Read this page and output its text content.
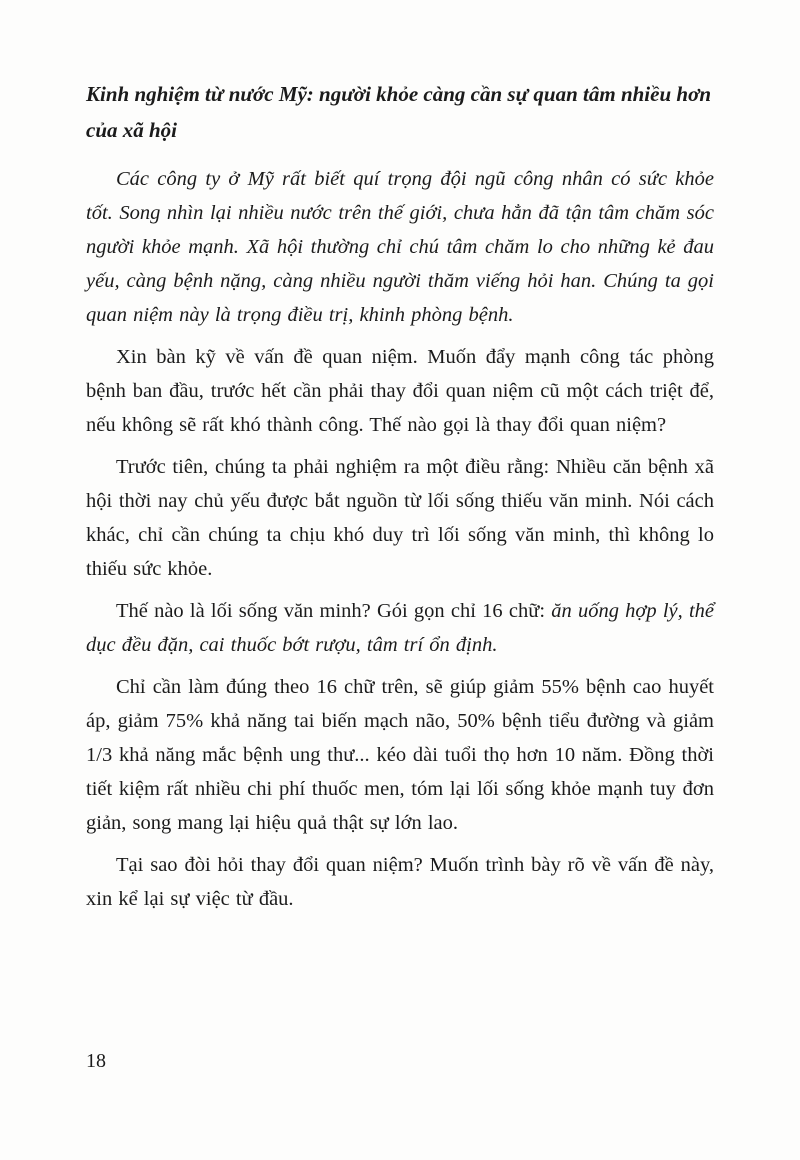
Kinh nghiệm từ nước Mỹ: người khỏe càng cần sự quan tâm nhiều hơn của xã hội

Các công ty ở Mỹ rất biết quí trọng đội ngũ công nhân có sức khỏe tốt. Song nhìn lại nhiều nước trên thế giới, chưa hẳn đã tận tâm chăm sóc người khỏe mạnh. Xã hội thường chỉ chú tâm chăm lo cho những kẻ đau yếu, càng bệnh nặng, càng nhiều người thăm viếng hỏi han. Chúng ta gọi quan niệm này là trọng điều trị, khinh phòng bệnh.

Xin bàn kỹ về vấn đề quan niệm. Muốn đẩy mạnh công tác phòng bệnh ban đầu, trước hết cần phải thay đổi quan niệm cũ một cách triệt để, nếu không sẽ rất khó thành công. Thế nào gọi là thay đổi quan niệm?

Trước tiên, chúng ta phải nghiệm ra một điều rằng: Nhiều căn bệnh xã hội thời nay chủ yếu được bắt nguồn từ lối sống thiếu văn minh. Nói cách khác, chỉ cần chúng ta chịu khó duy trì lối sống văn minh, thì không lo thiếu sức khỏe.

Thế nào là lối sống văn minh? Gói gọn chỉ 16 chữ: ăn uống hợp lý, thể dục đều đặn, cai thuốc bớt rượu, tâm trí ổn định.

Chỉ cần làm đúng theo 16 chữ trên, sẽ giúp giảm 55% bệnh cao huyết áp, giảm 75% khả năng tai biến mạch não, 50% bệnh tiểu đường và giảm 1/3 khả năng mắc bệnh ung thư... kéo dài tuổi thọ hơn 10 năm. Đồng thời tiết kiệm rất nhiều chi phí thuốc men, tóm lại lối sống khỏe mạnh tuy đơn giản, song mang lại hiệu quả thật sự lớn lao.

Tại sao đòi hỏi thay đổi quan niệm? Muốn trình bày rõ về vấn đề này, xin kể lại sự việc từ đầu.

18
